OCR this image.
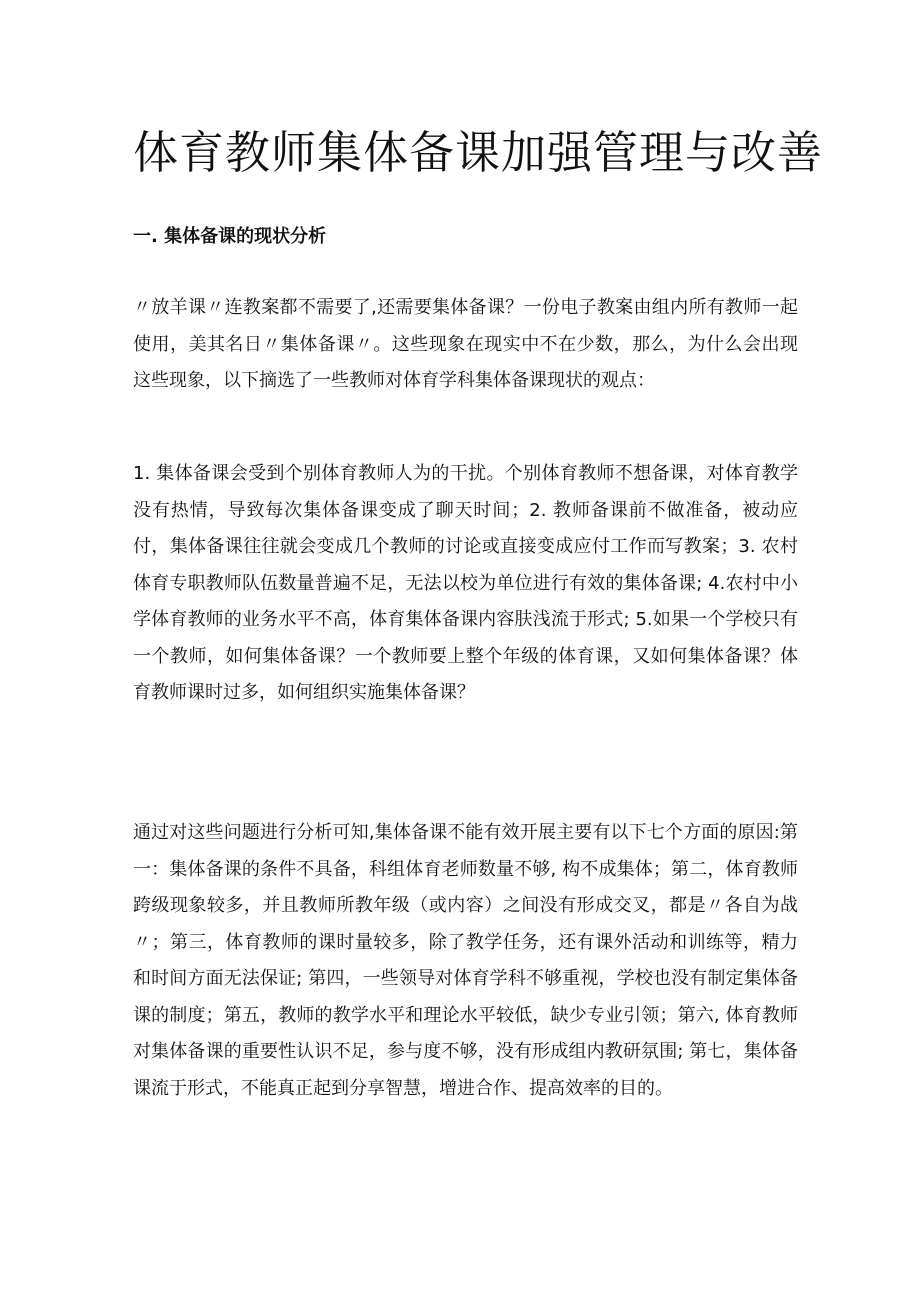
体育教师集体备课加强管理与改善
一. 集体备课的现状分析

〃放羊课〃连教案都不需要了,还需要集体备课？一份电子教案由组内所有教师一起使用，美其名日〃集体备课〃。这些现象在现实中不在少数，那么，为什么会出现这些现象，以下摘选了一些教师对体育学科集体备课现状的观点：

1. 集体备课会受到个别体育教师人为的干扰。个别体育教师不想备课，对体育教学没有热情，导致每次集体备课变成了聊天时间；2. 教师备课前不做准备，被动应付，集体备课往往就会变成几个教师的讨论或直接变成应付工作而写教案；3. 农村体育专职教师队伍数量普遍不足，无法以校为单位进行有效的集体备课; 4.农村中小学体育教师的业务水平不高，体育集体备课内容肤浅流于形式; 5.如果一个学校只有一个教师，如何集体备课？一个教师要上整个年级的体育课，又如何集体备课？体育教师课时过多，如何组织实施集体备课？

通过对这些问题进行分析可知,集体备课不能有效开展主要有以下七个方面的原因:第一：集体备课的条件不具备，科组体育老师数量不够, 构不成集体；第二，体育教师跨级现象较多，并且教师所教年级（或内容）之间没有形成交叉，都是〃各自为战〃；第三，体育教师的课时量较多，除了教学任务，还有课外活动和训练等，精力和时间方面无法保证; 第四，一些领导对体育学科不够重视，学校也没有制定集体备课的制度；第五，教师的教学水平和理论水平较低，缺少专业引领；第六, 体育教师对集体备课的重要性认识不足，参与度不够，没有形成组内教研氛围; 第七，集体备课流于形式，不能真正起到分享智慧，增进合作、提高效率的目的。
